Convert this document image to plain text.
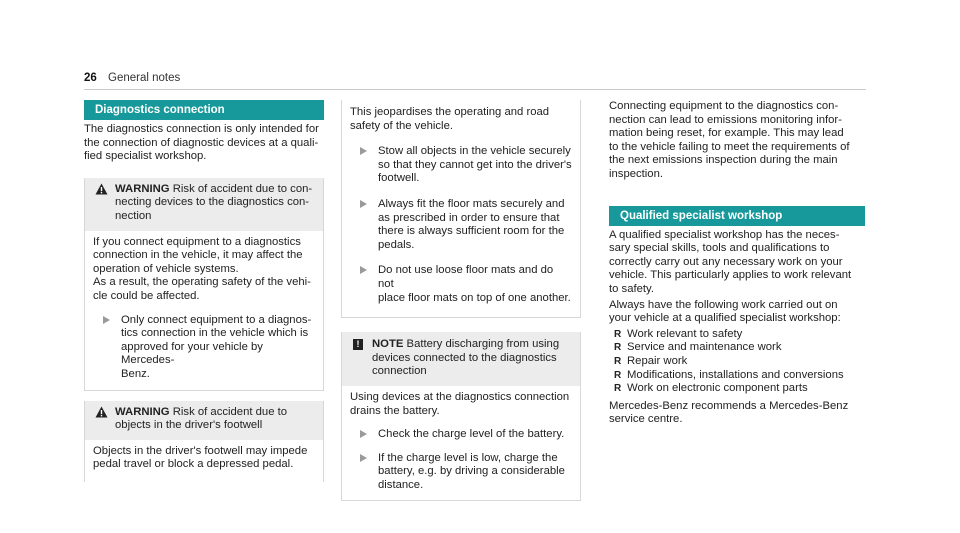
26 General notes
Diagnostics connection
The diagnostics connection is only intended for
the connection of diagnostic devices at a quali-
fied specialist workshop.
WARNING Risk of accident due to con-
necting devices to the diagnostics con-
nection
If you connect equipment to a diagnostics
connection in the vehicle, it may affect the
operation of vehicle systems.
As a result, the operating safety of the vehi-
cle could be affected.
Only connect equipment to a diagnos-
tics connection in the vehicle which is
approved for your vehicle by Mercedes-
Benz.
WARNING Risk of accident due to
objects in the driver's footwell
Objects in the driver's footwell may impede
pedal travel or block a depressed pedal.
This jeopardises the operating and road
safety of the vehicle.
Stow all objects in the vehicle securely
so that they cannot get into the driver's
footwell.
Always fit the floor mats securely and
as prescribed in order to ensure that
there is always sufficient room for the
pedals.
Do not use loose floor mats and do not
place floor mats on top of one another.
!	NOTE Battery discharging from using
devices connected to the diagnostics
connection
Using devices at the diagnostics connection
drains the battery.
Check the charge level of the battery.
If the charge level is low, charge the
battery, e.g. by driving a considerable
distance.
Connecting equipment to the diagnostics con-
nection can lead to emissions monitoring infor-
mation being reset, for example. This may lead
to the vehicle failing to meet the requirements of
the next emissions inspection during the main
inspection.
Qualified specialist workshop
A qualified specialist workshop has the neces-
sary special skills, tools and qualifications to
correctly carry out any necessary work on your
vehicle. This particularly applies to work relevant
to safety.
Always have the following work carried out on
your vehicle at a qualified specialist workshop:
R Work relevant to safety
R Service and maintenance work
R Repair work
R Modifications, installations and conversions
R Work on electronic component parts
Mercedes-Benz recommends a Mercedes-Benz
service centre.
